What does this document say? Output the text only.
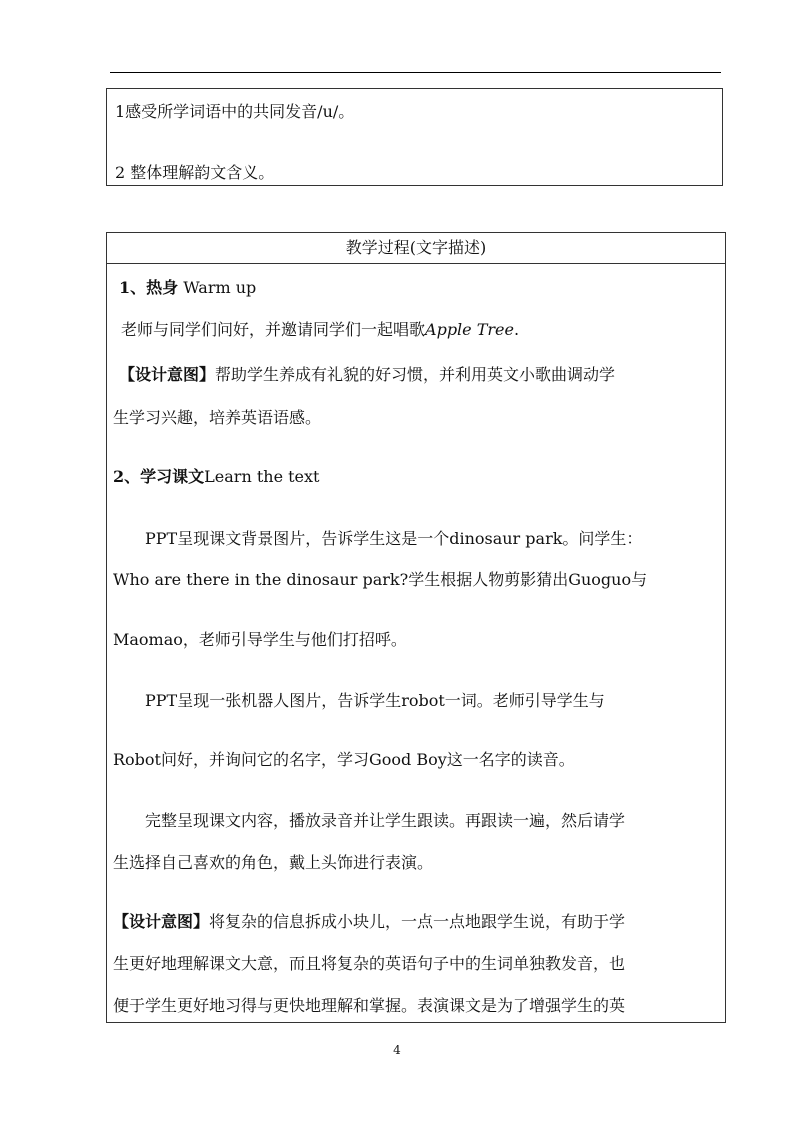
1感受所学词语中的共同发音/u/。
2 整体理解韵文含义。
教学过程(文字描述)
1、热身 Warm up
老师与同学们问好，并邀请同学们一起唱歌Apple Tree.
【设计意图】帮助学生养成有礼貌的好习惯，并利用英文小歌曲调动学
生学习兴趣，培养英语语感。
2、学习课文Learn the text
PPT呈现课文背景图片，告诉学生这是一个dinosaur park。问学生：
Who are there in the dinosaur park?学生根据人物剪影猜出Guoguo与
Maomao，老师引导学生与他们打招呼。
PPT呈现一张机器人图片，告诉学生robot一词。老师引导学生与
Robot问好，并询问它的名字，学习Good Boy这一名字的读音。
完整呈现课文内容，播放录音并让学生跟读。再跟读一遍，然后请学
生选择自己喜欢的角色，戴上头饰进行表演。
【设计意图】将复杂的信息拆成小块儿，一点一点地跟学生说，有助于学
生更好地理解课文大意，而且将复杂的英语句子中的生词单独教发音，也
便于学生更好地习得与更快地理解和掌握。表演课文是为了增强学生的英
4
